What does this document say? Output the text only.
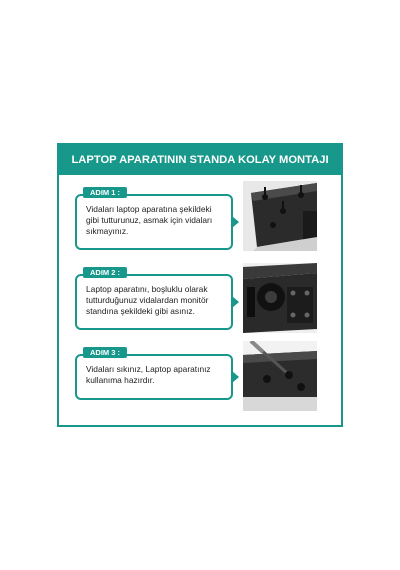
LAPTOP APARATININ STANDA KOLAY MONTAJI
ADIM 1 :
Vidaları laptop aparatına şekildeki gibi tutturunuz, asmak için vidaları sıkmayınız.
ADIM 2 :
Laptop aparatını, boşluklu olarak tutturduğunuz vidalardan monitör standına şekildeki gibi asınız.
ADIM 3 :
Vidaları sıkınız, Laptop aparatınız kullanıma hazırdır.
